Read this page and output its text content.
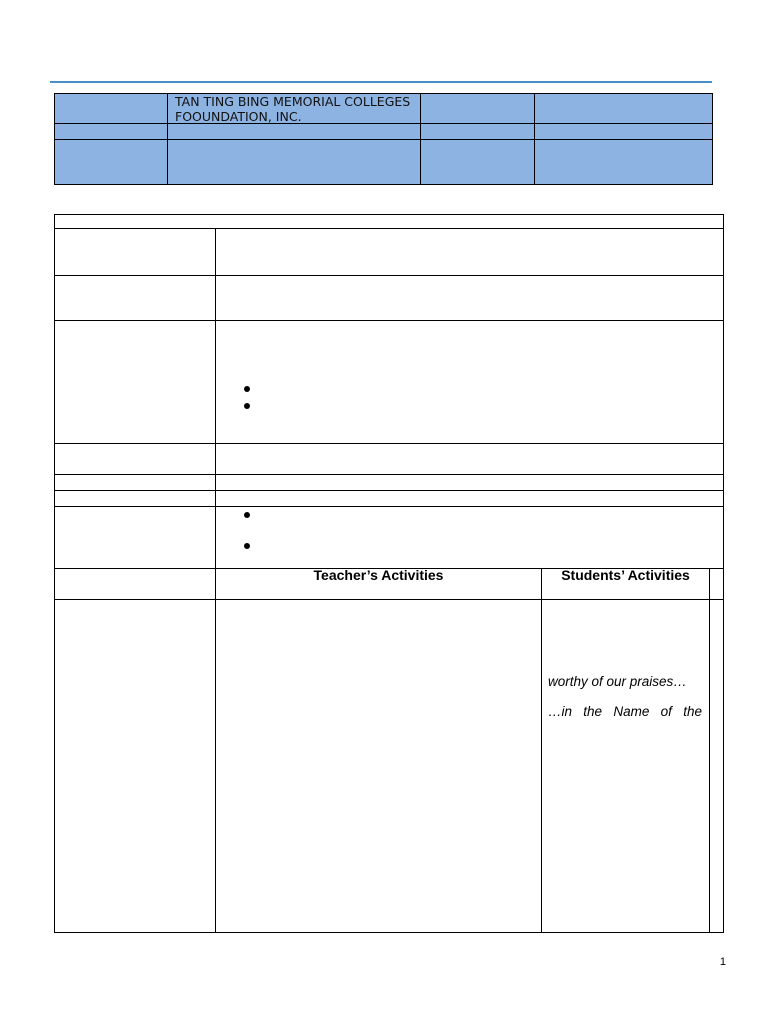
TAN TING BING MEMORIAL COLLEGES FOOUNDATION, INC.
Teacher’s Activities	Students’ Activities
worthy of our praises…
…in the Name of the
1
